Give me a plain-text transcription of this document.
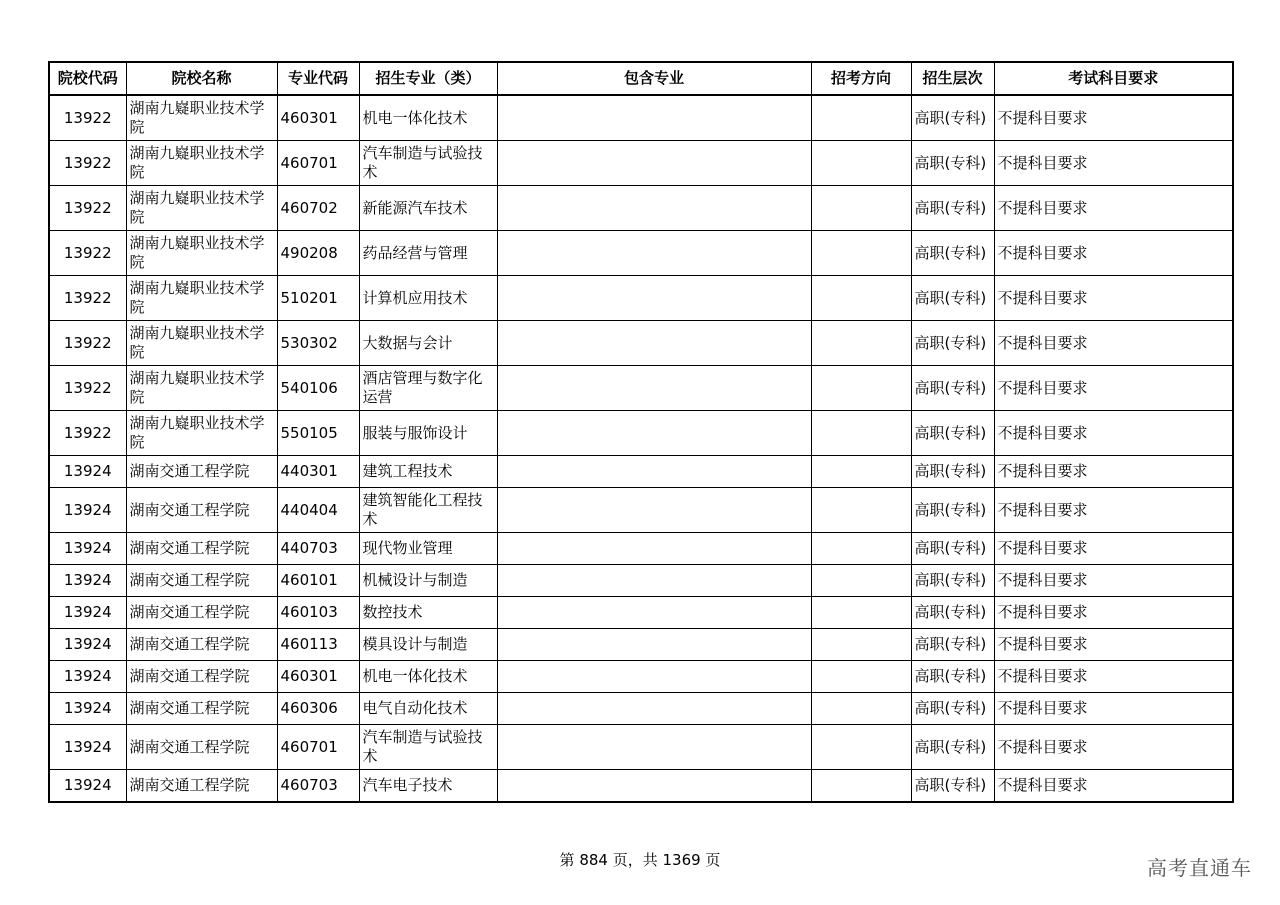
院校代码	院校名称	专业代码	招生专业（类）	包含专业	招考方向	招生层次	考试科目要求
13922	湖南九嶷职业技术学院	460301	机电一体化技术			高职(专科)	不提科目要求
13922	湖南九嶷职业技术学院	460701	汽车制造与试验技术			高职(专科)	不提科目要求
13922	湖南九嶷职业技术学院	460702	新能源汽车技术			高职(专科)	不提科目要求
13922	湖南九嶷职业技术学院	490208	药品经营与管理			高职(专科)	不提科目要求
13922	湖南九嶷职业技术学院	510201	计算机应用技术			高职(专科)	不提科目要求
13922	湖南九嶷职业技术学院	530302	大数据与会计			高职(专科)	不提科目要求
13922	湖南九嶷职业技术学院	540106	酒店管理与数字化运营			高职(专科)	不提科目要求
13922	湖南九嶷职业技术学院	550105	服装与服饰设计			高职(专科)	不提科目要求
13924	湖南交通工程学院	440301	建筑工程技术			高职(专科)	不提科目要求
13924	湖南交通工程学院	440404	建筑智能化工程技术			高职(专科)	不提科目要求
13924	湖南交通工程学院	440703	现代物业管理			高职(专科)	不提科目要求
13924	湖南交通工程学院	460101	机械设计与制造			高职(专科)	不提科目要求
13924	湖南交通工程学院	460103	数控技术			高职(专科)	不提科目要求
13924	湖南交通工程学院	460113	模具设计与制造			高职(专科)	不提科目要求
13924	湖南交通工程学院	460301	机电一体化技术			高职(专科)	不提科目要求
13924	湖南交通工程学院	460306	电气自动化技术			高职(专科)	不提科目要求
13924	湖南交通工程学院	460701	汽车制造与试验技术			高职(专科)	不提科目要求
13924	湖南交通工程学院	460703	汽车电子技术			高职(专科)	不提科目要求
第 884 页，共 1369 页	高考直通车
